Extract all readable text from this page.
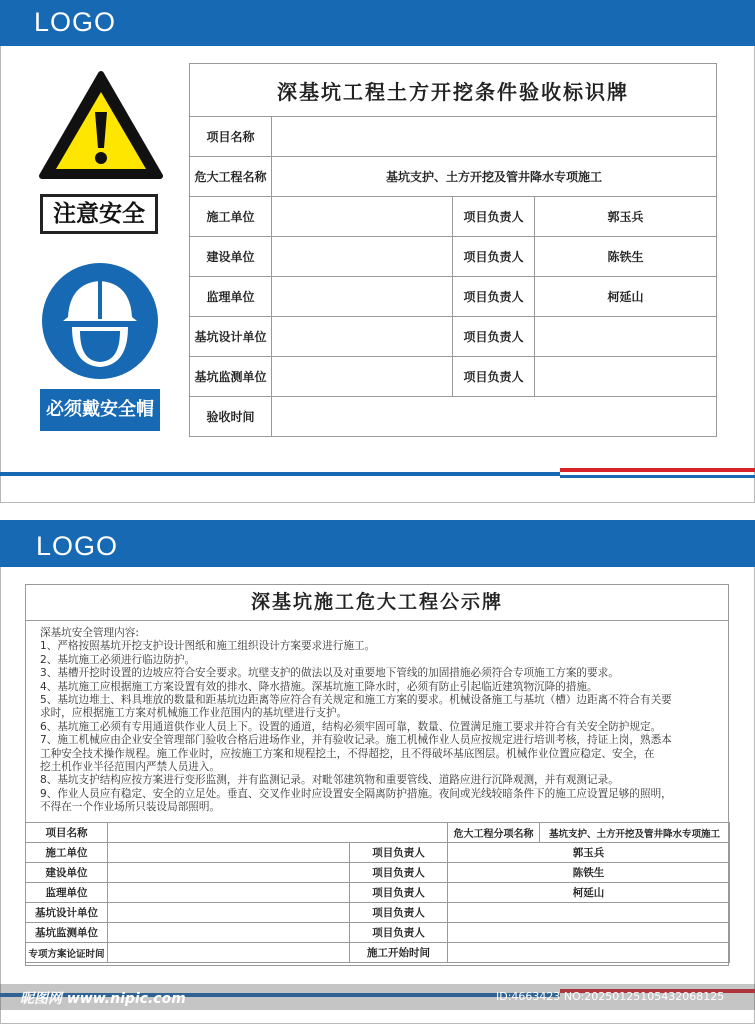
LOGO
注意安全
必须戴安全帽
深基坑工程土方开挖条件验收标识牌			
项目名称			
危大工程名称	基坑支护、土方开挖及管井降水专项施工		
施工单位		项目负责人	郭玉兵
建设单位		项目负责人	陈铁生
监理单位		项目负责人	柯延山
基坑设计单位		项目负责人	
基坑监测单位		项目负责人	
验收时间			
LOGO
深基坑施工危大工程公示牌
深基坑安全管理内容:
1、严格按照基坑开挖支护设计图纸和施工组织设计方案要求进行施工。
2、基坑施工必须进行临边防护。
3、基槽开挖时设置的边坡应符合安全要求。坑壁支护的做法以及对重要地下管线的加固措施必须符合专项施工方案的要求。
4、基坑施工应根据施工方案设置有效的排水、降水措施。深基坑施工降水时，必须有防止引起临近建筑物沉降的措施。
5、基坑边堆土、料具堆放的数量和距基坑边距离等应符合有关规定和施工方案的要求。机械设备施工与基坑（槽）边距离不符合有关要
求时，应根据施工方案对机械施工作业范围内的基坑壁进行支护。
6、基坑施工必须有专用通道供作业人员上下。设置的通道，结构必须牢固可靠，数量、位置满足施工要求并符合有关安全防护规定。
7、施工机械应由企业安全管理部门验收合格后进场作业，并有验收记录。施工机械作业人员应按规定进行培训考核，持证上岗，熟悉本
工种安全技术操作规程。施工作业时，应按施工方案和规程挖土，不得超挖，且不得破坏基底图层。机械作业位置应稳定、安全，在
挖土机作业半径范围内严禁人员进入。
8、基坑支护结构应按方案进行变形监测，并有监测记录。对毗邻建筑物和重要管线、道路应进行沉降观测，并有观测记录。
9、作业人员应有稳定、安全的立足处。垂直、交叉作业时应设置安全隔离防护措施。夜间或光线较暗条件下的施工应设置足够的照明，
不得在一个作业场所只装设局部照明。
项目名称			危大工程分项名称	基坑支护、土方开挖及管井降水专项施工
施工单位		项目负责人	郭玉兵	
建设单位		项目负责人	陈铁生	
监理单位		项目负责人	柯延山	
基坑设计单位		项目负责人		
基坑监测单位		项目负责人		
专项方案论证时间		施工开始时间		
昵图网 www.nipic.com	ID:4663423 NO:20250125105432068125
